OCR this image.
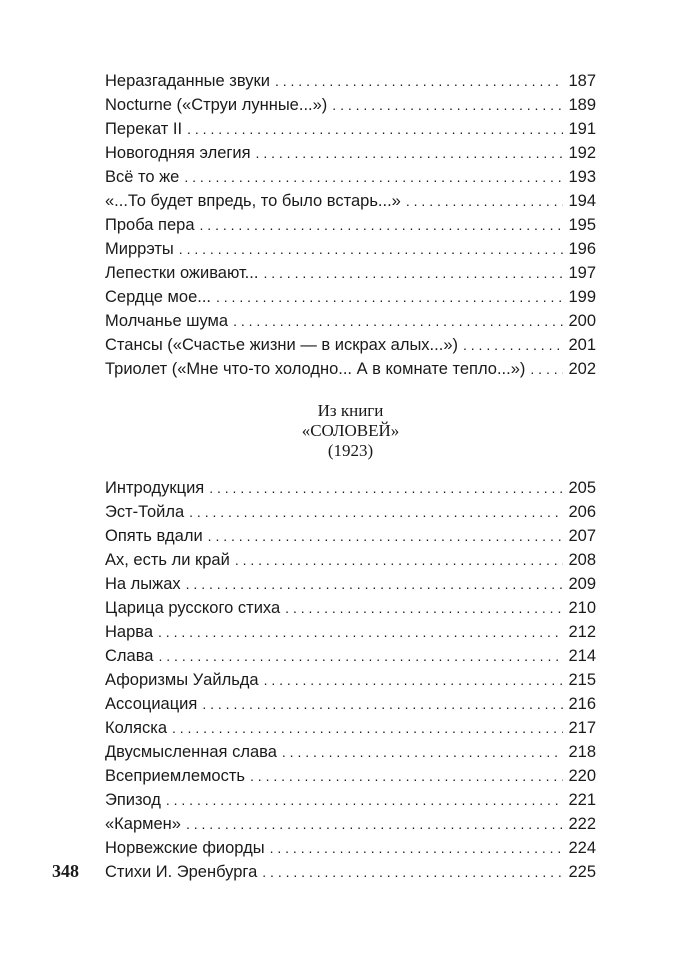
Неразгаданные звуки . . .	187
Nocturne («Струи лунные...») . . .	189
Перекат II . . .	191
Новогодняя элегия . . .	192
Всё то же . . .	193
«...То будет впредь, то было встарь...» . . .	194
Проба пера . . .	195
Миррэты . . .	196
Лепестки оживают... . . .	197
Сердце мое... . . .	199
Молчанье шума . . .	200
Стансы («Счастье жизни — в искрах алых...») . . .	201
Триолет («Мне что-то холодно... А в комнате тепло...») . . .	202
Из книги
«СОЛОВЕЙ»
(1923)
Интродукция . . .	205
Эст-Тойла . . .	206
Опять вдали . . .	207
Ах, есть ли край . . .	208
На лыжах . . .	209
Царица русского стиха . . .	210
Нарва . . .	212
Слава . . .	214
Афоризмы Уайльда . . .	215
Ассоциация . . .	216
Коляска . . .	217
Двусмысленная слава . . .	218
Всеприемлемость . . .	220
Эпизод . . .	221
«Кармен» . . .	222
Норвежские фиорды . . .	224
Стихи И. Эренбурга . . .	225
348
